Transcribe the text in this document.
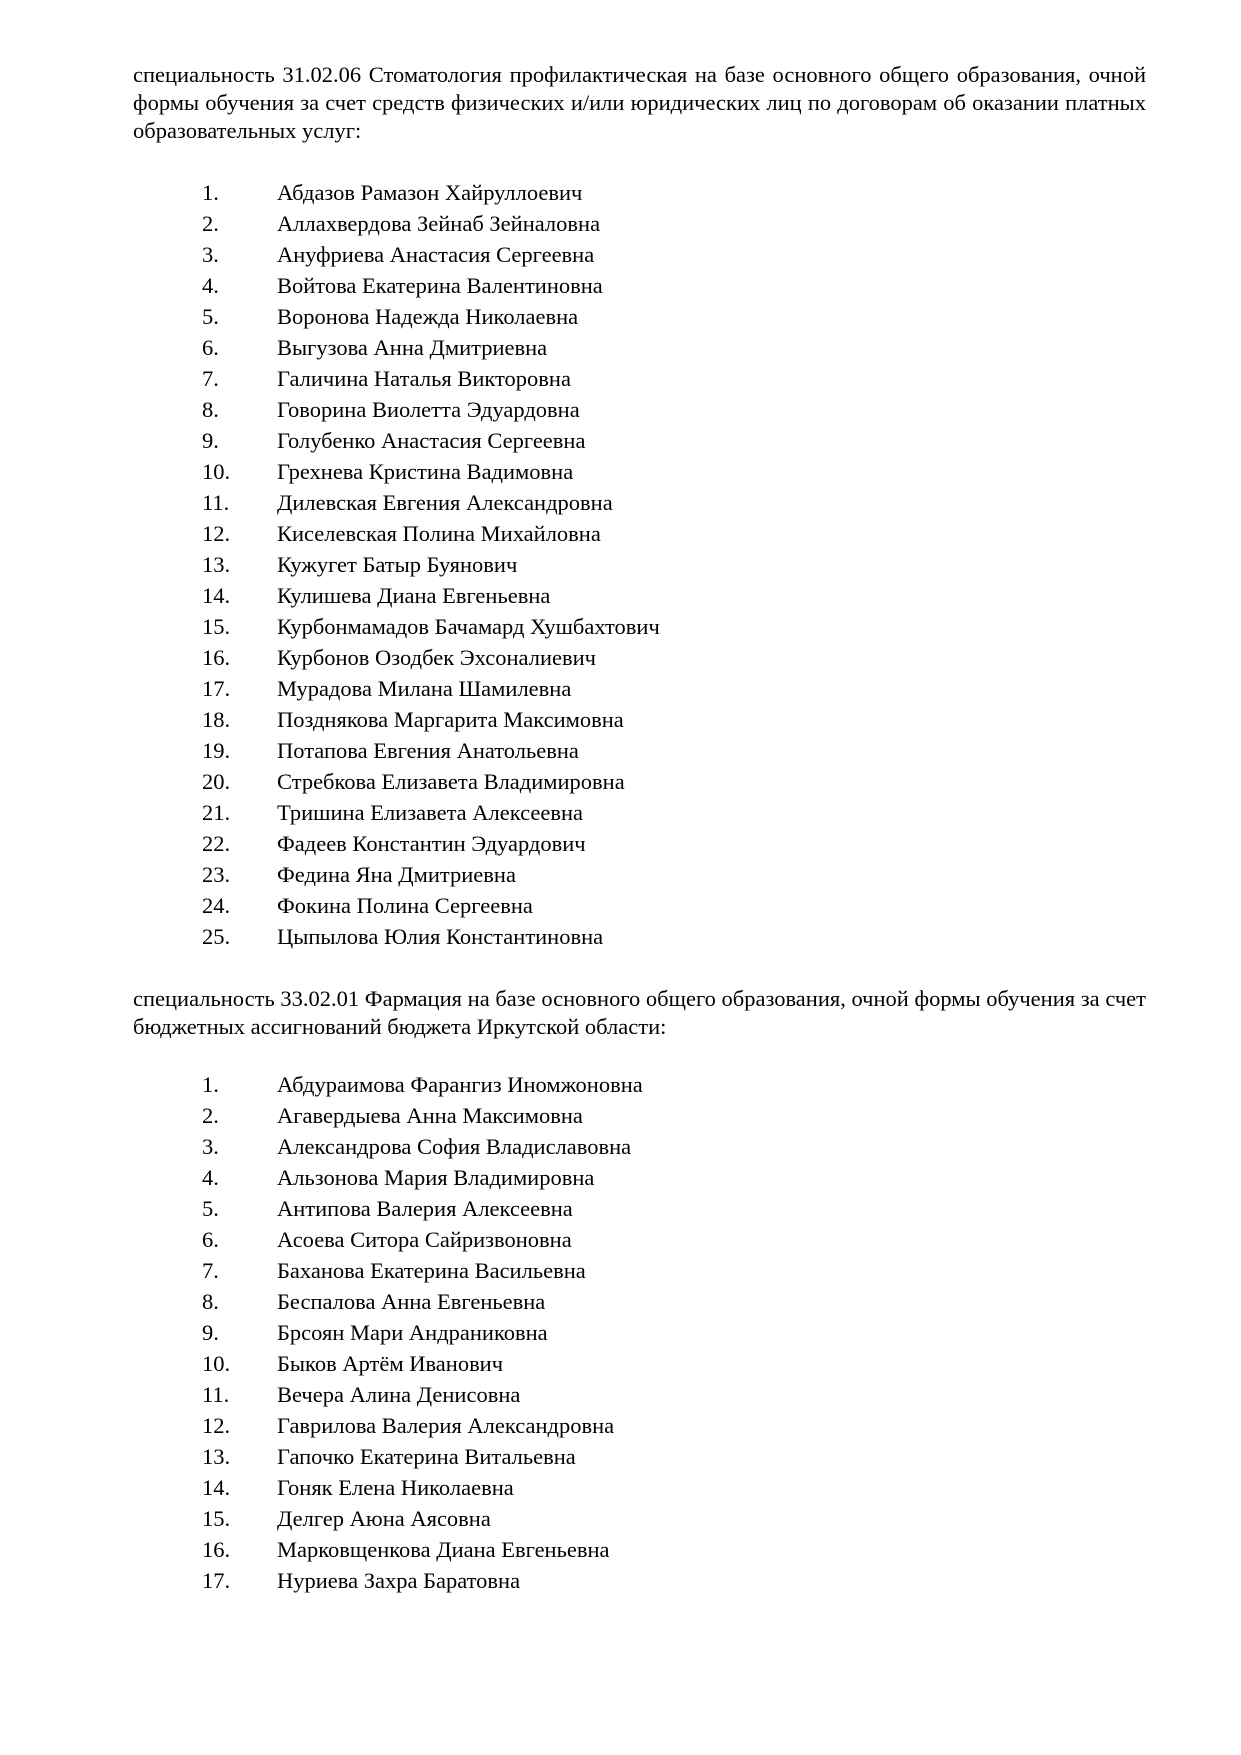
специальность 31.02.06 Стоматология профилактическая на базе основного общего образования, очной формы обучения за счет средств физических и/или юридических лиц по договорам об оказании платных образовательных услуг:

1.	Абдазов Рамазон Хайруллоевич
2.	Аллахвердова Зейнаб Зейналовна
3.	Ануфриева Анастасия Сергеевна
4.	Войтова Екатерина Валентиновна
5.	Воронова Надежда Николаевна
6.	Выгузова Анна Дмитриевна
7.	Галичина Наталья Викторовна
8.	Говорина Виолетта Эдуардовна
9.	Голубенко Анастасия Сергеевна
10. Грехнева Кристина Вадимовна
11. Дилевская Евгения Александровна
12. Киселевская Полина Михайловна
13. Кужугет Батыр Буянович
14. Кулишева Диана Евгеньевна
15. Курбонмамадов Бачамард Хушбахтович
16. Курбонов Озодбек Эхсоналиевич
17. Мурадова Милана Шамилевна
18. Позднякова Маргарита Максимовна
19. Потапова Евгения Анатольевна
20. Стребкова Елизавета Владимировна
21. Тришина Елизавета Алексеевна
22. Фадеев Константин Эдуардович
23. Федина Яна Дмитриевна
24. Фокина Полина Сергеевна
25. Цыпылова Юлия Константиновна

специальность 33.02.01 Фармация на базе основного общего образования, очной формы обучения за счет бюджетных ассигнований бюджета Иркутской области:

1.	Абдураимова Фарангиз Иномжоновна
2.	Агавердыева Анна Максимовна
3.	Александрова София Владиславовна
4.	Альзонова Мария Владимировна
5.	Антипова Валерия Алексеевна
6.	Асоева Ситора Сайризвоновна
7.	Баханова Екатерина Васильевна
8.	Беспалова Анна Евгеньевна
9.	Брсоян Мари Андраниковна
10. Быков Артём Иванович
11. Вечера Алина Денисовна
12. Гаврилова Валерия Александровна
13. Гапочко Екатерина Витальевна
14. Гоняк Елена Николаевна
15. Делгер Аюна Аясовна
16. Марковщенкова Диана Евгеньевна
17. Нуриева Захра Баратовна
